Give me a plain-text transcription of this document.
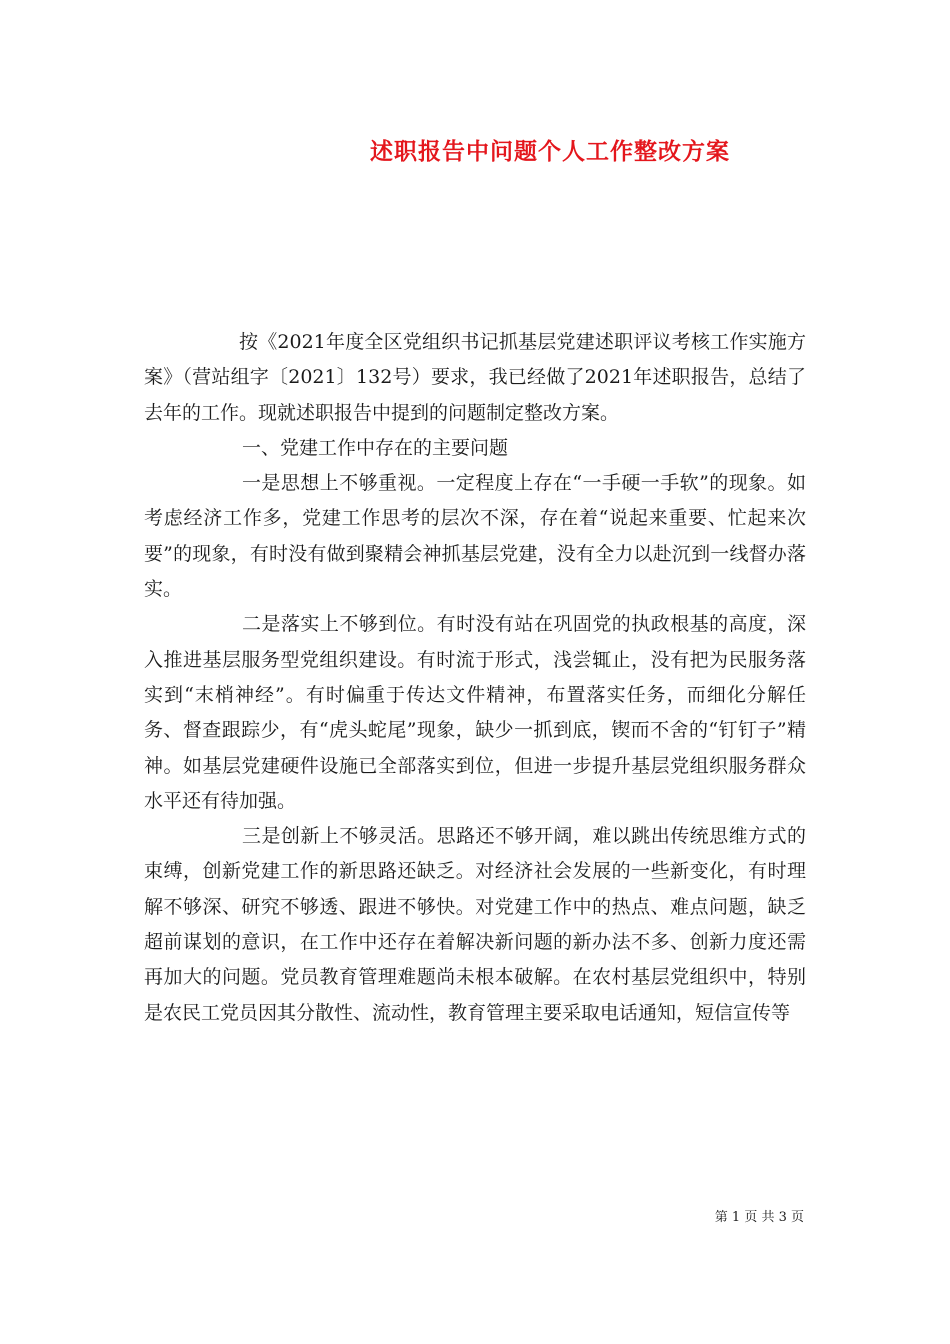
述职报告中问题个人工作整改方案

按《2021年度全区党组织书记抓基层党建述职评议考核工作实施方案》（营站组字〔2021〕132号）要求，我已经做了2021年述职报告，总结了去年的工作。现就述职报告中提到的问题制定整改方案。

一、党建工作中存在的主要问题

一是思想上不够重视。一定程度上存在“一手硬一手软”的现象。如考虑经济工作多，党建工作思考的层次不深，存在着“说起来重要、忙起来次要”的现象，有时没有做到聚精会神抓基层党建，没有全力以赴沉到一线督办落实。

二是落实上不够到位。有时没有站在巩固党的执政根基的高度，深入推进基层服务型党组织建设。有时流于形式，浅尝辄止，没有把为民服务落实到“末梢神经”。有时偏重于传达文件精神，布置落实任务，而细化分解任务、督查跟踪少，有“虎头蛇尾”现象，缺少一抓到底，锲而不舍的“钉钉子”精神。如基层党建硬件设施已全部落实到位，但进一步提升基层党组织服务群众水平还有待加强。

三是创新上不够灵活。思路还不够开阔，难以跳出传统思维方式的束缚，创新党建工作的新思路还缺乏。对经济社会发展的一些新变化，有时理解不够深、研究不够透、跟进不够快。对党建工作中的热点、难点问题，缺乏超前谋划的意识，在工作中还存在着解决新问题的新办法不多、创新力度还需再加大的问题。党员教育管理难题尚未根本破解。在农村基层党组织中，特别是农民工党员因其分散性、流动性，教育管理主要采取电话通知，短信宣传等

第 1 页 共 3 页
